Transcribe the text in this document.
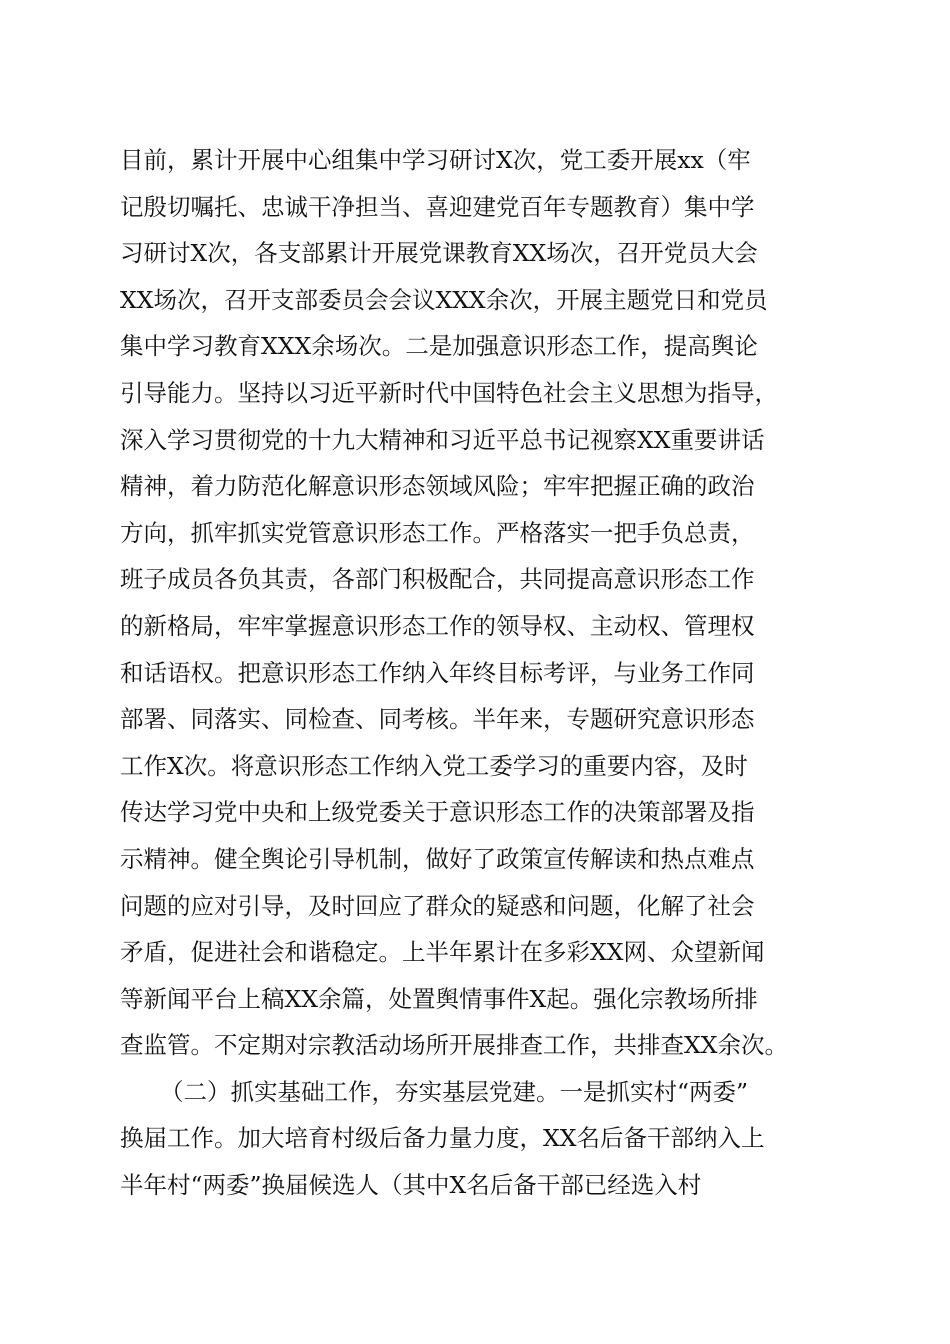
目前，累计开展中心组集中学习研讨X次，党工委开展xx（牢
记殷切嘱托、忠诚干净担当、喜迎建党百年专题教育）集中学
习研讨X次，各支部累计开展党课教育XX场次，召开党员大会
XX场次，召开支部委员会会议XXX余次，开展主题党日和党员
集中学习教育XXX余场次。二是加强意识形态工作，提高舆论
引导能力。坚持以习近平新时代中国特色社会主义思想为指导，
深入学习贯彻党的十九大精神和习近平总书记视察XX重要讲话
精神，着力防范化解意识形态领域风险；牢牢把握正确的政治
方向，抓牢抓实党管意识形态工作。严格落实一把手负总责，
班子成员各负其责，各部门积极配合，共同提高意识形态工作
的新格局，牢牢掌握意识形态工作的领导权、主动权、管理权
和话语权。把意识形态工作纳入年终目标考评，与业务工作同
部署、同落实、同检查、同考核。半年来，专题研究意识形态
工作X次。将意识形态工作纳入党工委学习的重要内容，及时
传达学习党中央和上级党委关于意识形态工作的决策部署及指
示精神。健全舆论引导机制，做好了政策宣传解读和热点难点
问题的应对引导，及时回应了群众的疑惑和问题，化解了社会
矛盾，促进社会和谐稳定。上半年累计在多彩XX网、众望新闻
等新闻平台上稿XX余篇，处置舆情事件X起。强化宗教场所排
查监管。不定期对宗教活动场所开展排查工作，共排查XX余次。
（二）抓实基础工作，夯实基层党建。一是抓实村“两委”
换届工作。加大培育村级后备力量力度，XX名后备干部纳入上
半年村“两委”换届候选人（其中X名后备干部已经选入村
